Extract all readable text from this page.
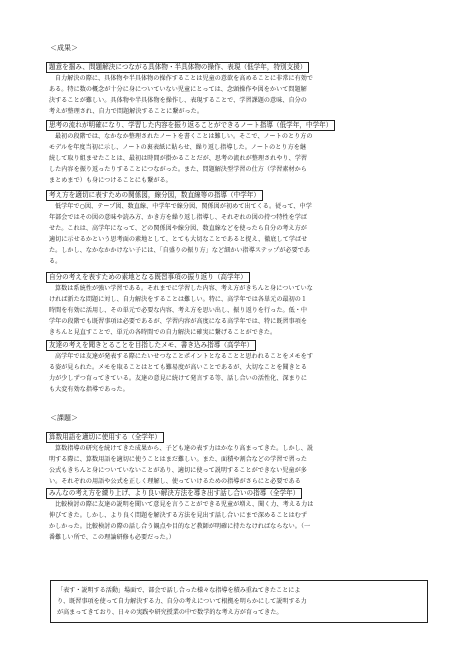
＜成果＞
題意を掴み、問題解決につながる具体物・半具体物の操作、表現（低学年，特別支援）
自力解決の際に、具体物や半具体物の操作することは児童の意欲を高めることに非常に有効で
ある。特に数の概念が十分に身についていない児童にとっては、念頭操作や図をかいて問題解
決することが難しい。具体物や半具体物を操作し、表現することで、学習課題の意味、自分の
考えが整理され、自力で問題解決することに繋がった。
思考の流れが明確になり、学習した内容を振り返ることができるノート指導（低学年，中学年）
最初の段階では、なかなか整理されたノートを書くことは難しい。そこで、ノートのとり方の
モデルを年度当初に示し、ノートの裏表紙に貼らせ、繰り返し指導した。ノートのとり方を継
続して取り組ませたことは、最初は時間が掛かることだが、思考の流れが整理されやり、学習
した内容を振り返ったりすることにつながった。また、問題解決型学習の仕方（学習素材から
まとめまで）も身につけることにも繋がる。
考え方を適切に表すための関係図，線分図，数直線等の指導（中学年）
低学年で○図、テープ図、数直線、中学年で線分図、関係図が初めて出てくる。従って、中学
年部会ではその図の意味や読み方、かき方を繰り返し指導し、それぞれの図の持つ特性を学ば
せた。これは、高学年になって、どの関係図や線分図、数直線などを使ったら自分の考え方が
適切に示せるかという思考面の素地として、とても大切なことであると捉え、徹底して学ばせ
た。しかし、なかなかかけない子には、「自盛りの振り方」など細かい指導ステップが必要であ
る。
自分の考えを表すための素地となる既習事項の振り返り（高学年）
算数は系統性が強い学習である。それまでに学習した内容、考え方がきちんと身についていな
ければ新たな問題に対し、自力解決をすることは難しい。特に、高学年では各単元の最初の１
時間を有効に活用し、その単元で必要な内容、考え方を思い出し、振り返りを行った。低・中
学年の段階でも既習事項は必要であるが、学習内容が高度になる高学年では、特に既習事項を
きちんと見直すことで、単元の各時間での自力解決に確実に繋げることができた。
友達の考えを聞きとることを目指したメモ、書き込み指導（高学年）
高学年では友達が発表する際にたいせつなことポイントとなることと思われることをメモをす
る姿が見られた。メモを取ることはとても難易度が高いことであるが、大切なことを聞きとる
力が少しずつ育ってきている。友達の意見に続けて発言する等、話し合いの活性化、深まりに
も大変有効な指導であった。
＜課題＞
算数用語を適切に使用する（全学年）
算数指導の研究を続けてきた成果から、子ども達の表す力はかなり高まってきた。しかし、説
明する際に、算数用語を適切に使うことはまだ難しい。また、面積や割合などの学習で習った
公式もきちんと身についていないことがあり、適切に使って説明することができない児童が多
い。それぞれの用語や公式を正しく理解し、使っていけるための指導がさらにと必要である
みんなの考え方を練り上げ、より良い解決方法を導き出す話し合いの指導（全学年）
比較検討の際に友達の説明を聞いて意見を言うことができる児童が増え、聞く力、考える力は
伸びてきた。しかし、より良く問題を解決する方法を見出す話し合いにまで深めることはむず
かしかった。比較検討の際の話し合う観点や目的など教師が明確に持たなければならない。（一
番難しい所で、この理論研修も必要だった。）
「表す・説明する活動」場面で、部会で話し合った様々な指導を積み重ねてきたことによ
り、既習事項を使って自力解決する力、自分の考えについて根拠を明らかにして説明する力
が高まってきており、日々の実践や研究授業の中で数学的な考え方が育ってきた。
